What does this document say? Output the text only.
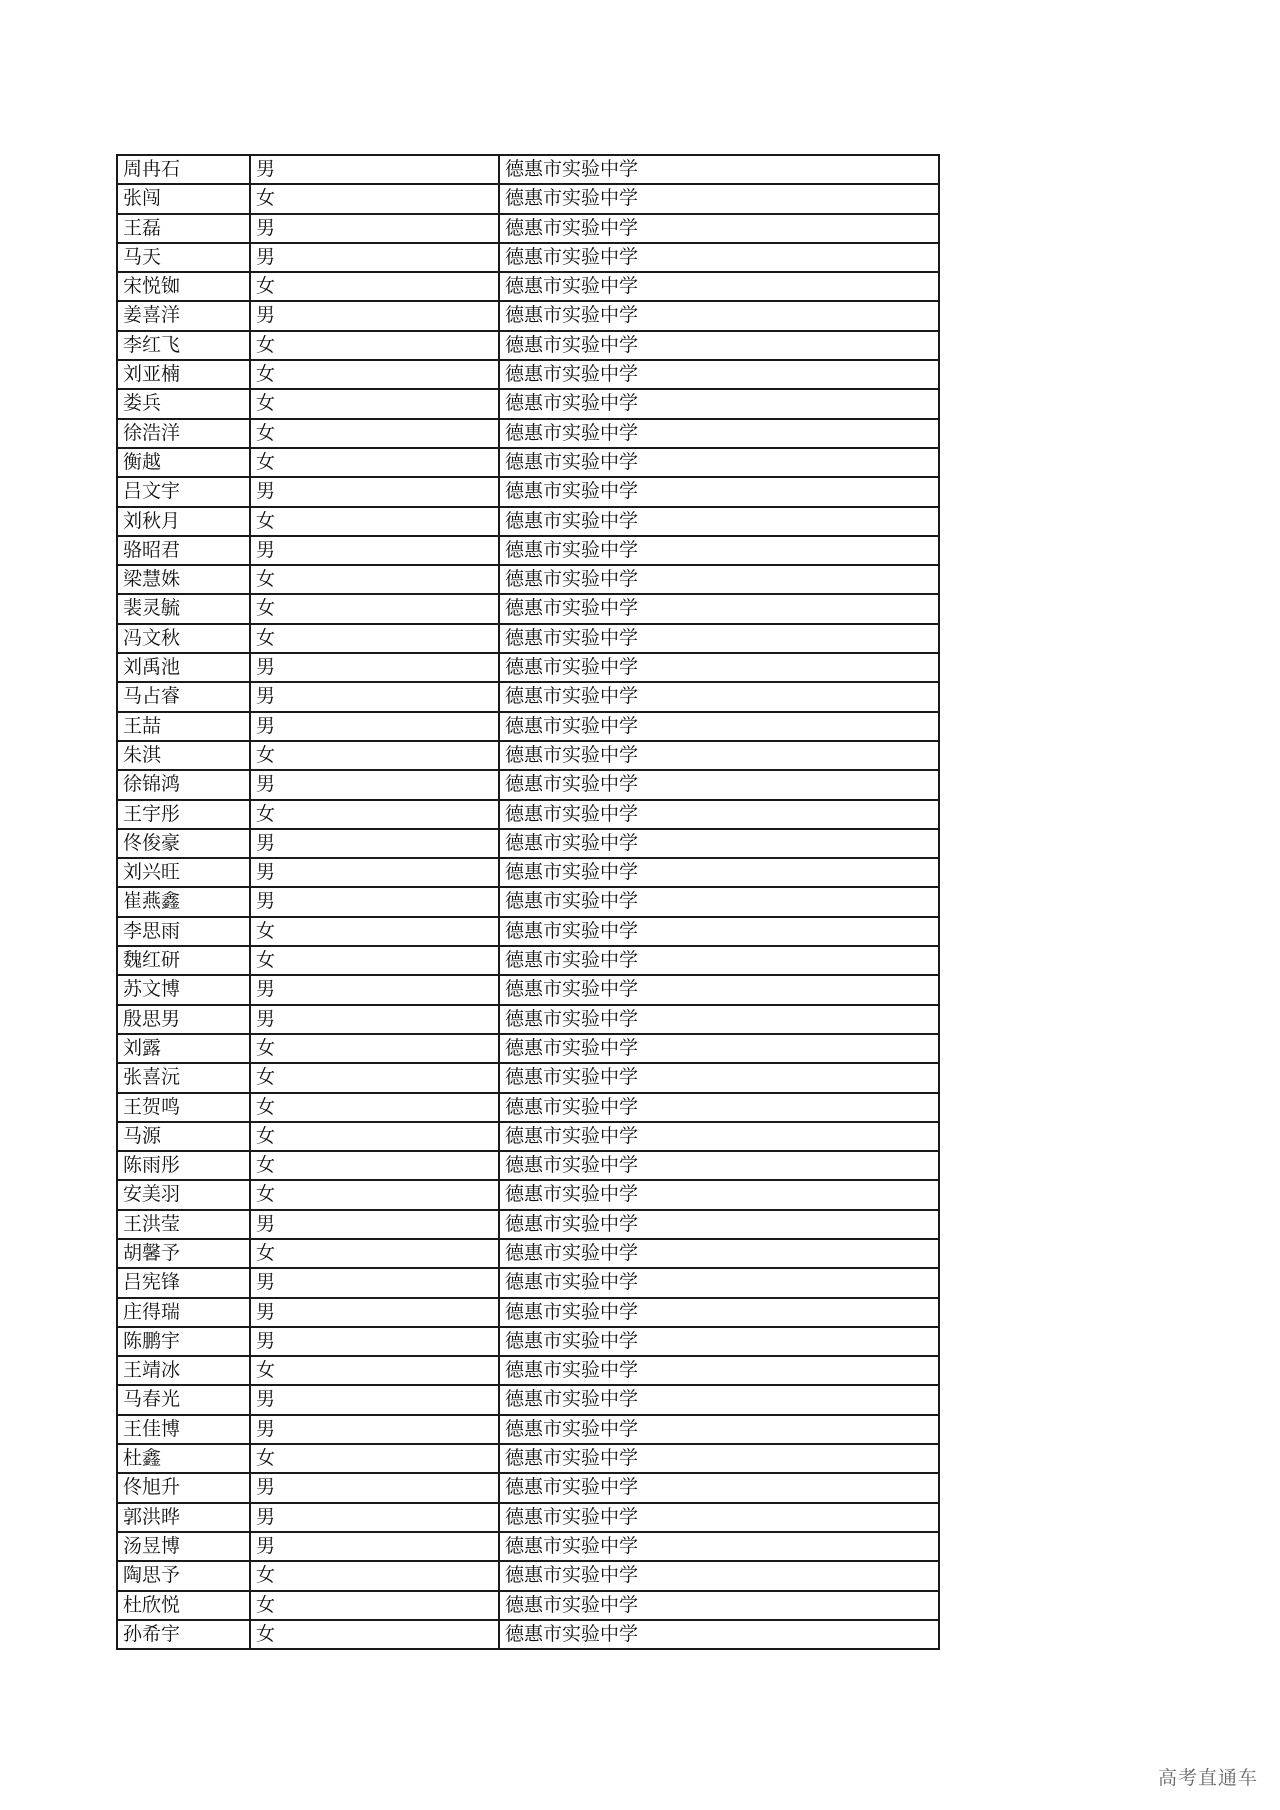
周冉石	男	德惠市实验中学
张闯	女	德惠市实验中学
王磊	男	德惠市实验中学
马天	男	德惠市实验中学
宋悦铷	女	德惠市实验中学
姜喜洋	男	德惠市实验中学
李红飞	女	德惠市实验中学
刘亚楠	女	德惠市实验中学
娄兵	女	德惠市实验中学
徐浩洋	女	德惠市实验中学
衡越	女	德惠市实验中学
吕文宇	男	德惠市实验中学
刘秋月	女	德惠市实验中学
骆昭君	男	德惠市实验中学
梁慧姝	女	德惠市实验中学
裴灵毓	女	德惠市实验中学
冯文秋	女	德惠市实验中学
刘禹池	男	德惠市实验中学
马占睿	男	德惠市实验中学
王喆	男	德惠市实验中学
朱淇	女	德惠市实验中学
徐锦鸿	男	德惠市实验中学
王宇彤	女	德惠市实验中学
佟俊豪	男	德惠市实验中学
刘兴旺	男	德惠市实验中学
崔燕鑫	男	德惠市实验中学
李思雨	女	德惠市实验中学
魏红研	女	德惠市实验中学
苏文博	男	德惠市实验中学
殷思男	男	德惠市实验中学
刘露	女	德惠市实验中学
张喜沅	女	德惠市实验中学
王贺鸣	女	德惠市实验中学
马源	女	德惠市实验中学
陈雨彤	女	德惠市实验中学
安美羽	女	德惠市实验中学
王洪莹	男	德惠市实验中学
胡馨予	女	德惠市实验中学
吕宪锋	男	德惠市实验中学
庄得瑞	男	德惠市实验中学
陈鹏宇	男	德惠市实验中学
王靖冰	女	德惠市实验中学
马春光	男	德惠市实验中学
王佳博	男	德惠市实验中学
杜鑫	女	德惠市实验中学
佟旭升	男	德惠市实验中学
郭洪晔	男	德惠市实验中学
汤昱博	男	德惠市实验中学
陶思予	女	德惠市实验中学
杜欣悦	女	德惠市实验中学
孙希宇	女	德惠市实验中学
高考直通车
